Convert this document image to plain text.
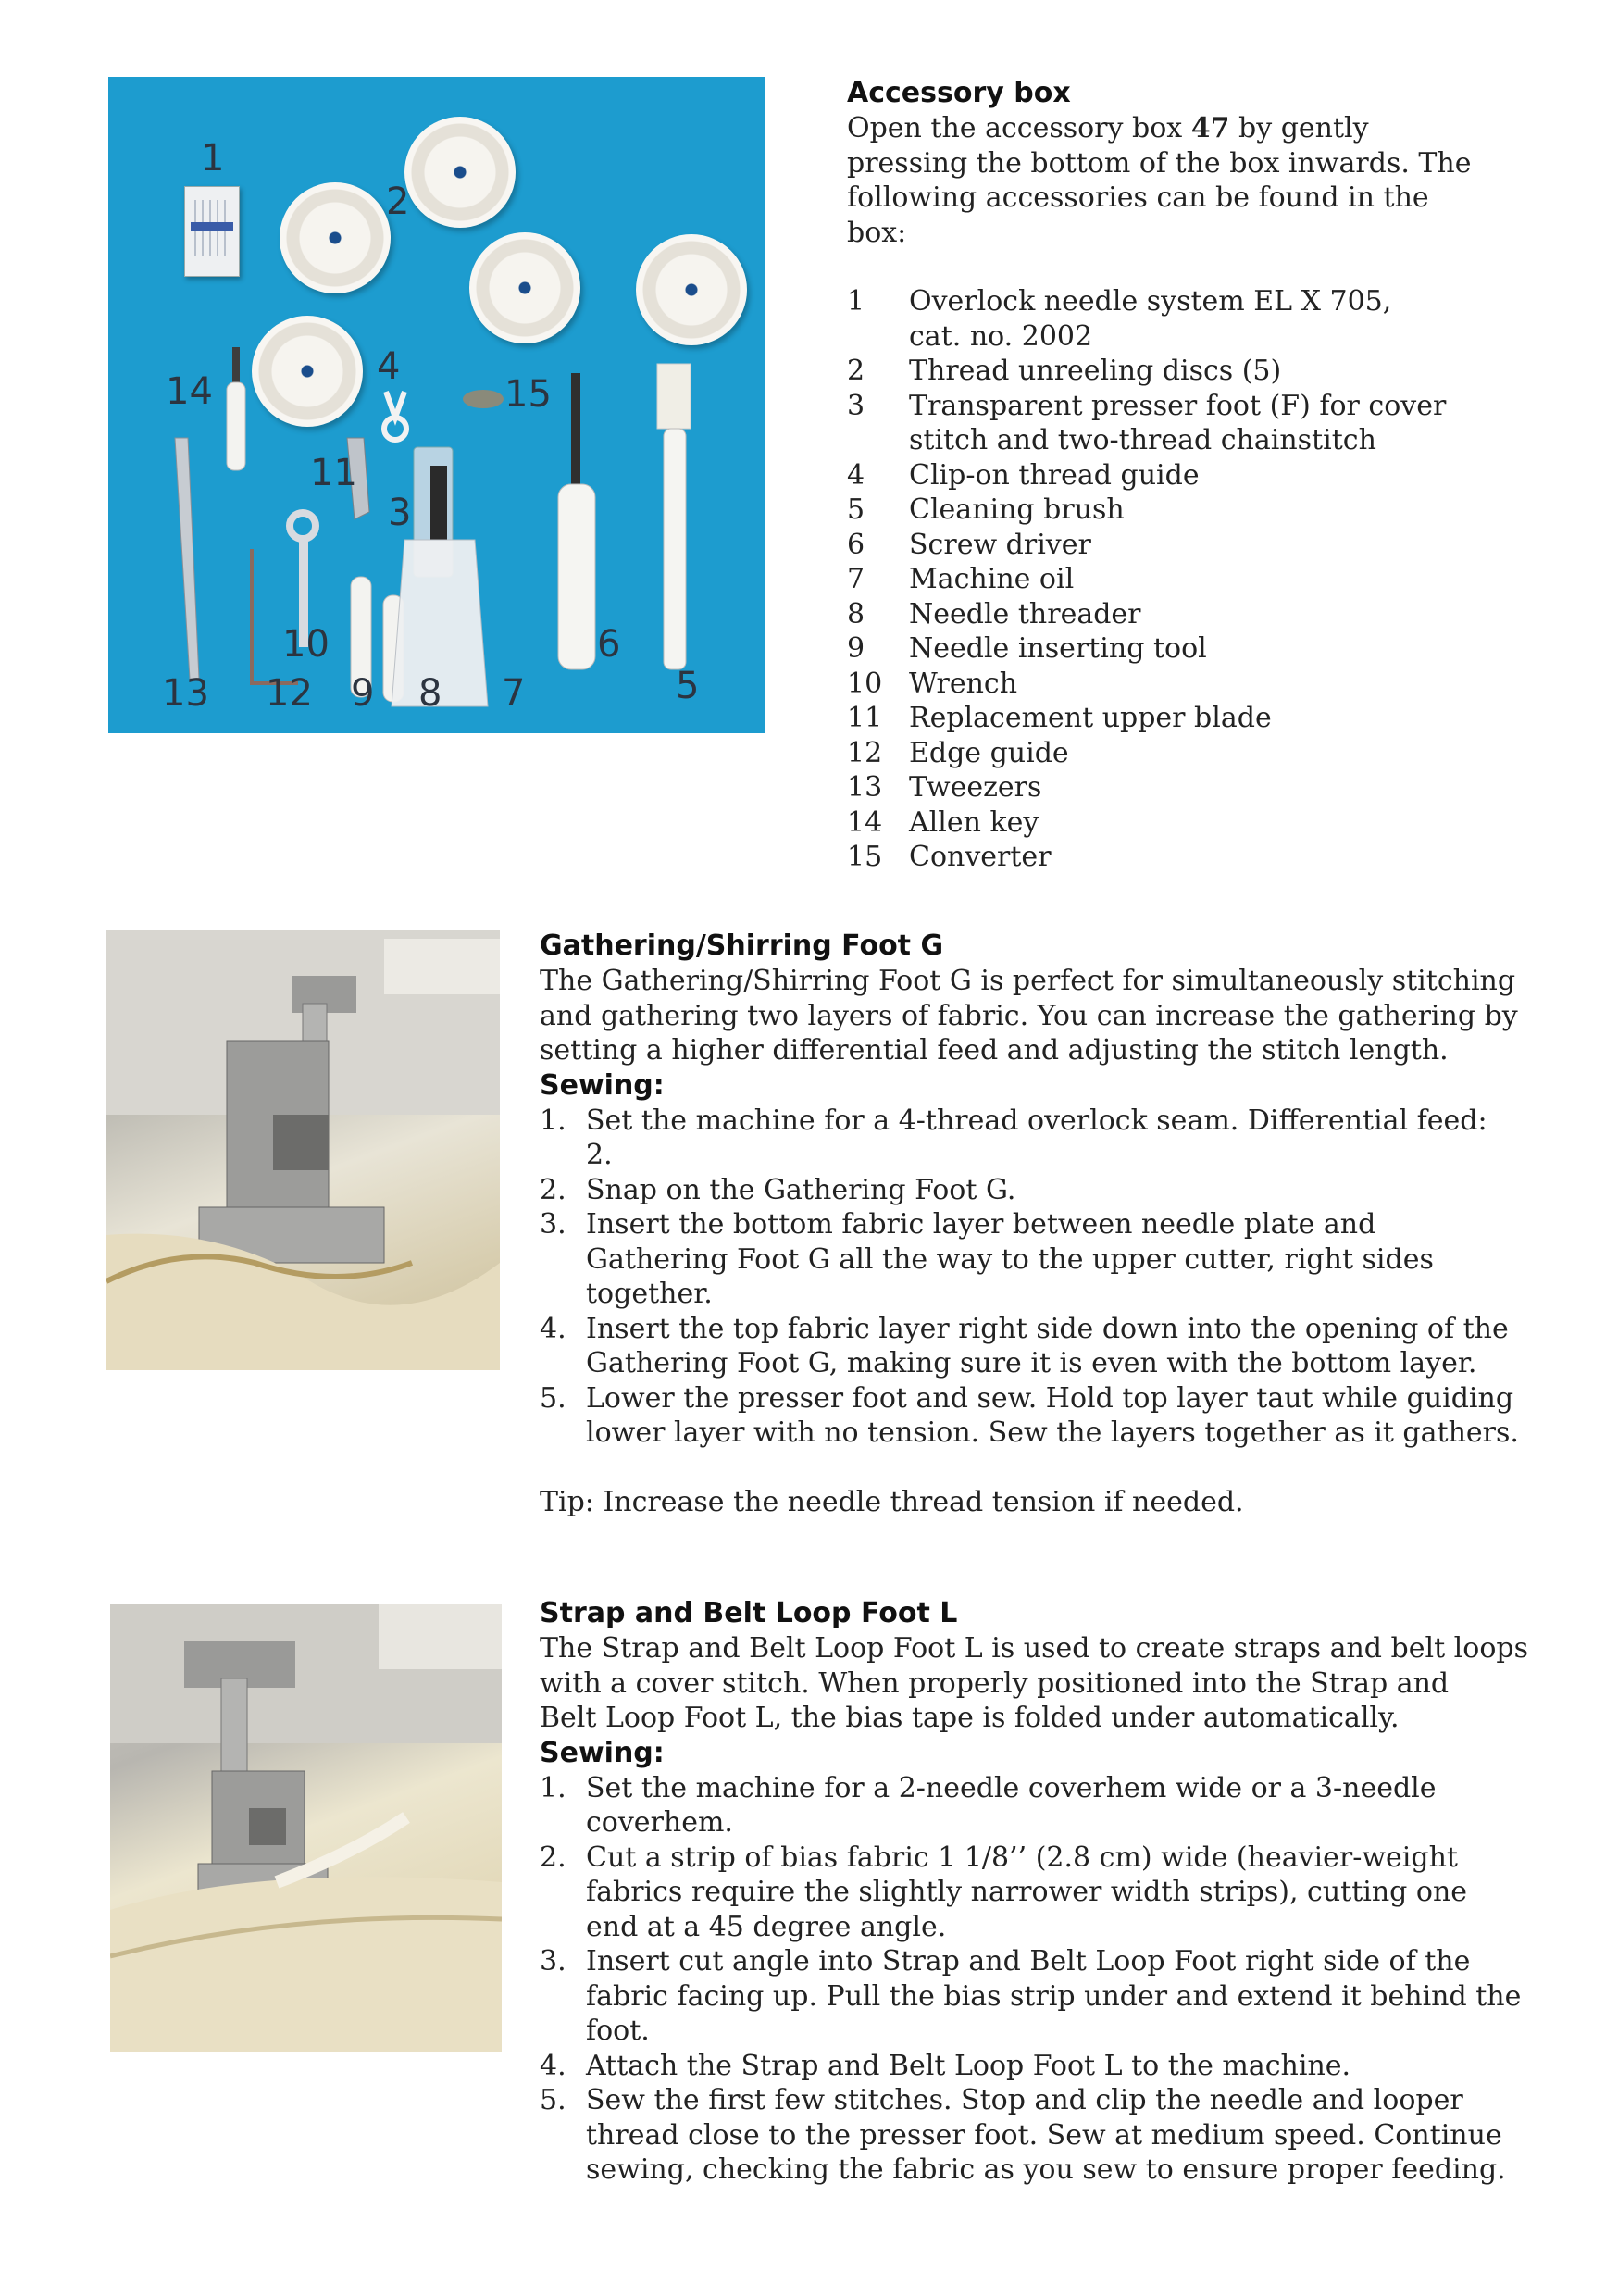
1
2
4
15
14
11
3
10	6
13 12 9 8 7	5
Accessory box
Open the accessory box 47 by gently pressing the bottom of the box inwards. The following accessories can be found in the box:
1	Overlock needle system EL X 705,
cat. no. 2002
2	Thread unreeling discs (5)
3	Transparent presser foot (F) for cover
stitch and two-thread chainstitch
4	Clip-on thread guide
5	Cleaning brush
6	Screw driver
7	Machine oil
8	Needle threader
9	Needle inserting tool
10 Wrench
11 Replacement upper blade
12 Edge guide
13 Tweezers
14 Allen key
15 Converter
Gathering/Shirring Foot G
The Gathering/Shirring Foot G is perfect for simultaneously stitching and gathering two layers of fabric. You can increase the gathering by setting a higher differential feed and adjusting the stitch length.
Sewing:
1. Set the machine for a 4-thread overlock seam. Differential feed: 2.
2. Snap on the Gathering Foot G.
3. Insert the bottom fabric layer between needle plate and Gathering Foot G all the way to the upper cutter, right sides together.
4. Insert the top fabric layer right side down into the opening of the Gathering Foot G, making sure it is even with the bottom layer.
5. Lower the presser foot and sew. Hold top layer taut while guiding lower layer with no tension. Sew the layers together as it gathers.
Tip: Increase the needle thread tension if needed.
Strap and Belt Loop Foot L
The Strap and Belt Loop Foot L is used to create straps and belt loops
with a cover stitch. When properly positioned into the Strap and
Belt Loop Foot L, the bias tape is folded under automatically.
Sewing:
1. Set the machine for a 2-needle coverhem wide or a 3-needle coverhem.
2. Cut a strip of bias fabric 1 1/8’’ (2.8 cm) wide (heavier-weight fabrics require the slightly narrower width strips), cutting one end at a 45 degree angle.
3. Insert cut angle into Strap and Belt Loop Foot right side of the fabric facing up. Pull the bias strip under and extend it behind the foot.
4. Attach the Strap and Belt Loop Foot L to the machine.
5. Sew the first few stitches. Stop and clip the needle and looper thread close to the presser foot. Sew at medium speed. Continue sewing, checking the fabric as you sew to ensure proper feeding.
